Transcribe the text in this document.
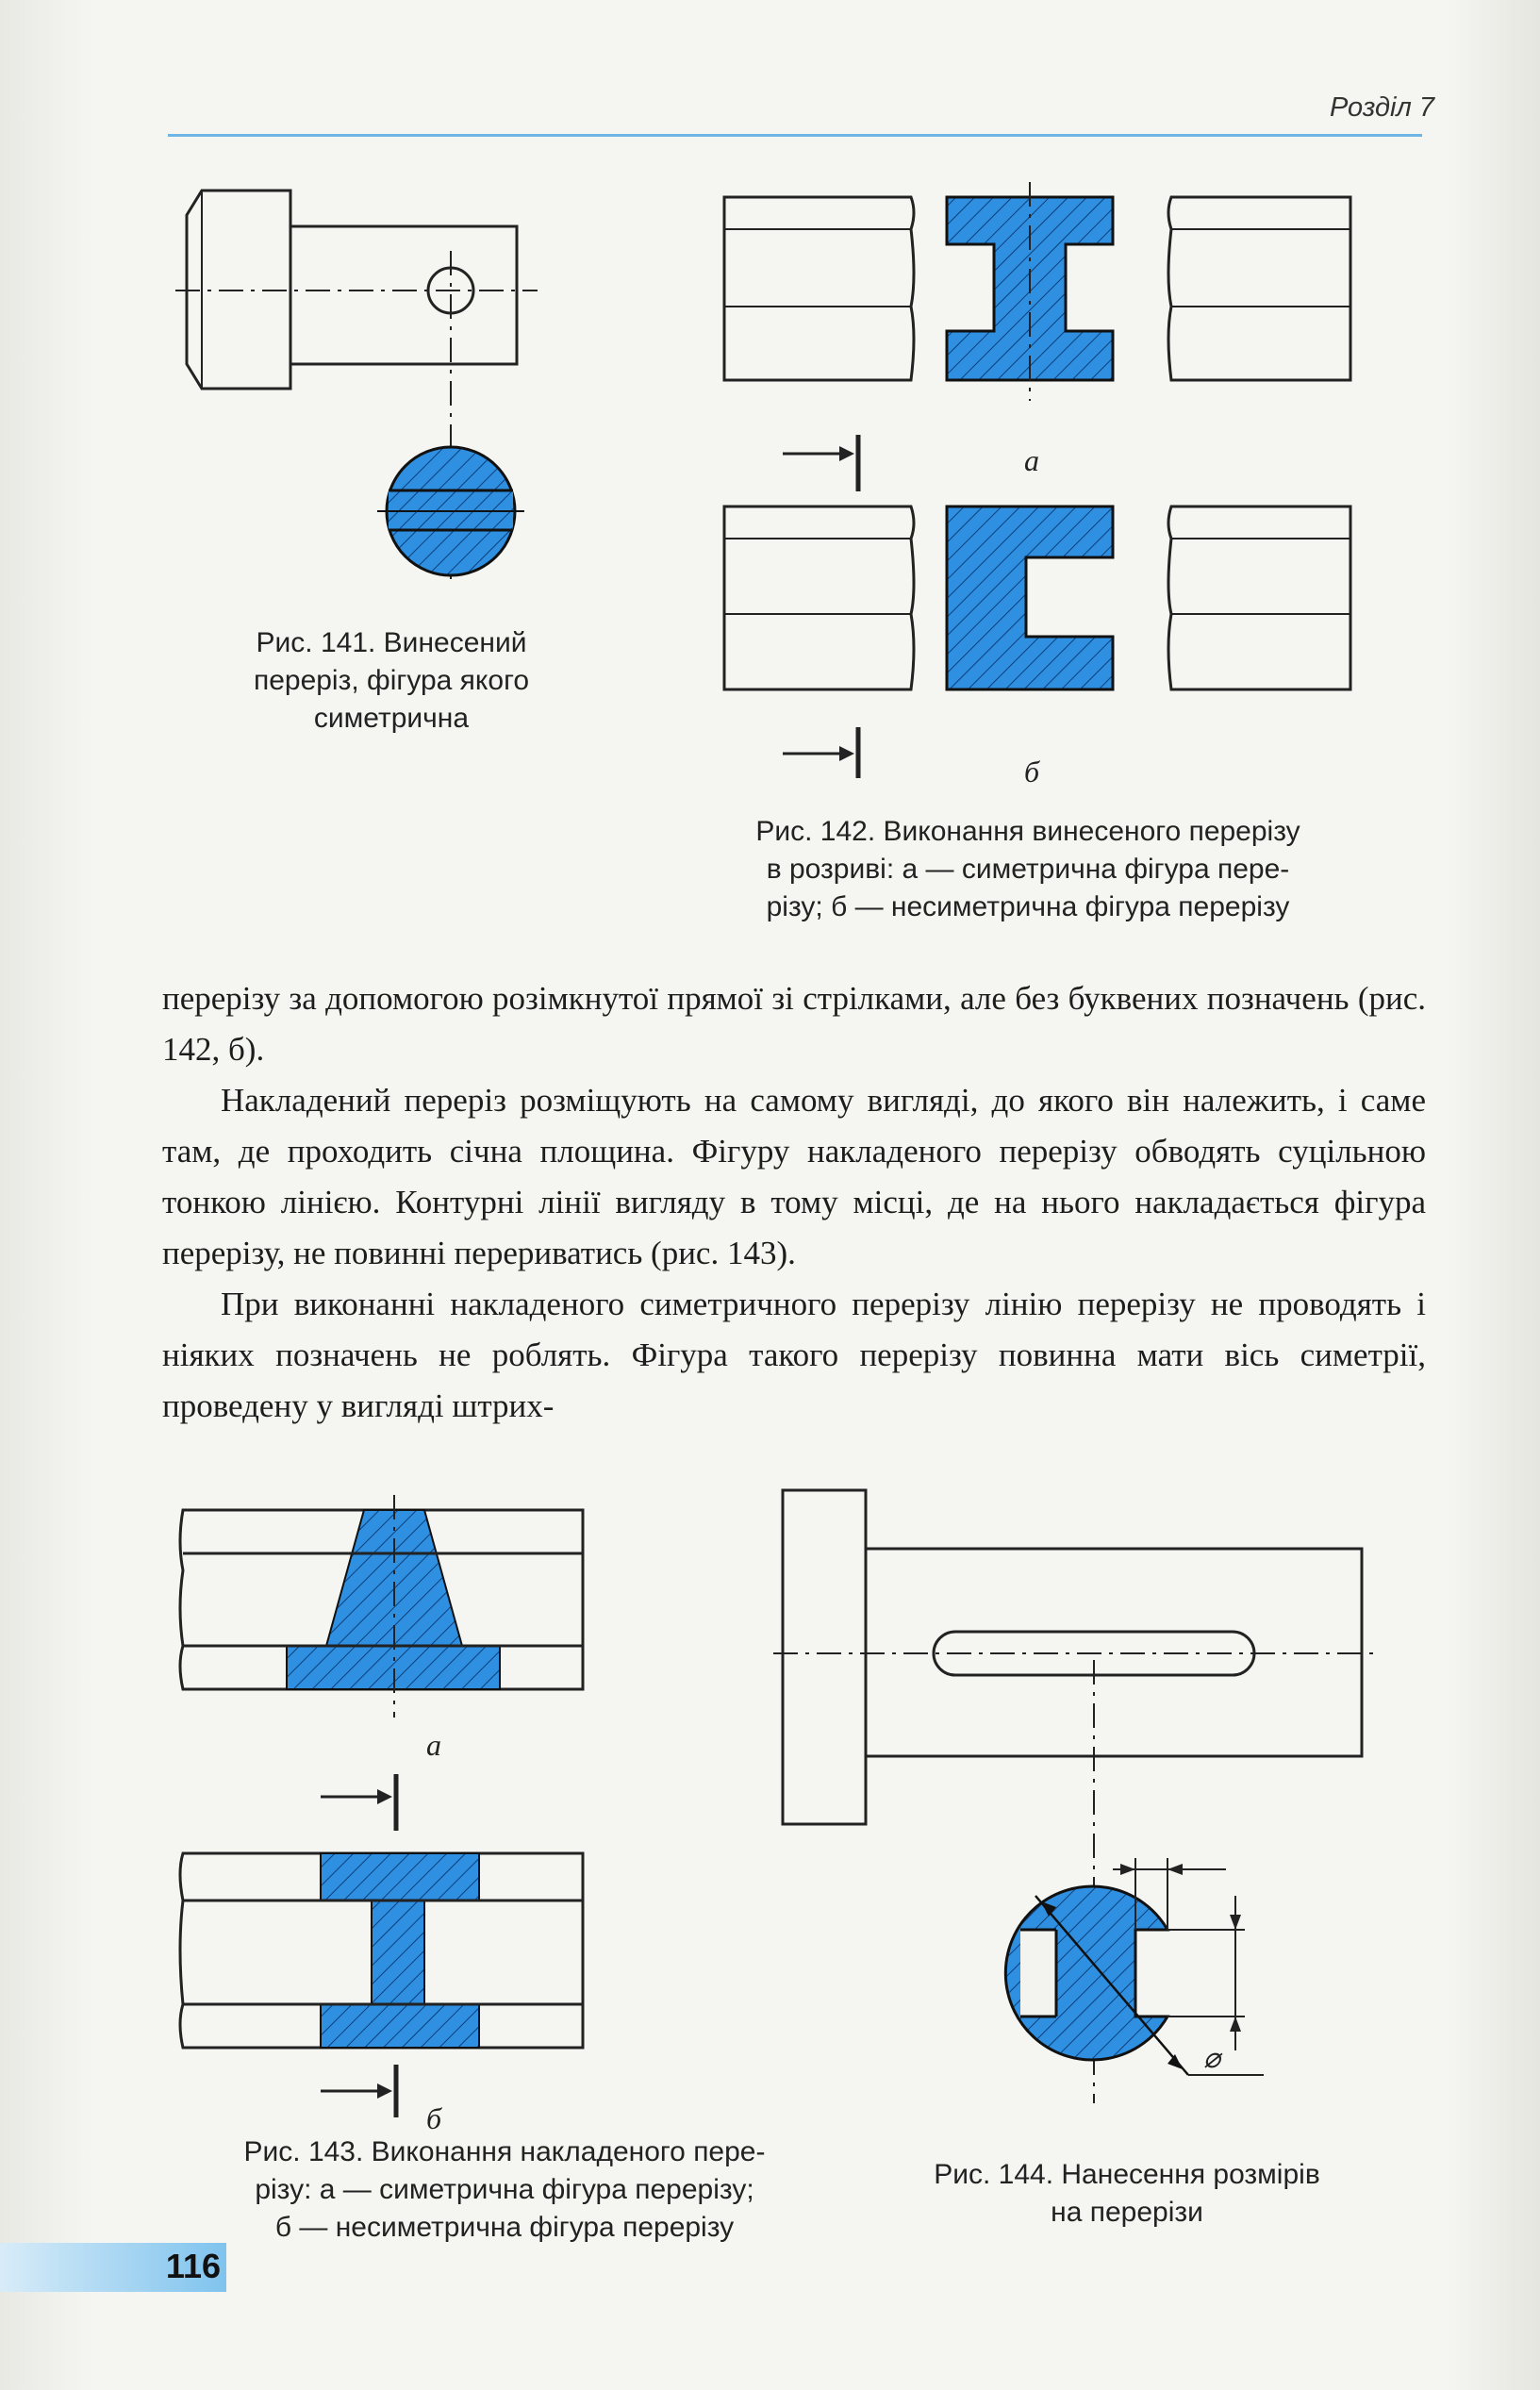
Розділ 7
Рис. 141. Винесений
переріз, фігура якого
симетрична
а
б
Рис. 142. Виконання винесеного перерізу
в розриві: а — симетрична фігура пере-
різу; б — несиметрична фігура перерізу

перерізу за допомогою розімкнутої прямої зі стрілками, але без буквених позначень (рис. 142, б).

Накладений переріз розміщують на самому вигляді, до якого він належить, і саме там, де проходить січна площина. Фігуру накладеного перерізу обводять суцільною тонкою лінією. Контурні лінії вигляду в тому місці, де на нього накладається фігура перерізу, не повинні перериватись (рис. 143).

При виконанні накладеного симетричного перерізу лінію перерізу не проводять і ніяких позначень не роблять. Фігура такого перерізу повинна мати вісь симетрії, проведену у вигляді штрих-

а
б
Рис. 143. Виконання накладеного пере-
різу: а — симетрична фігура перерізу;
б — несиметрична фігура перерізу
⌀
Рис. 144. Нанесення розмірів
на перерізи
116
